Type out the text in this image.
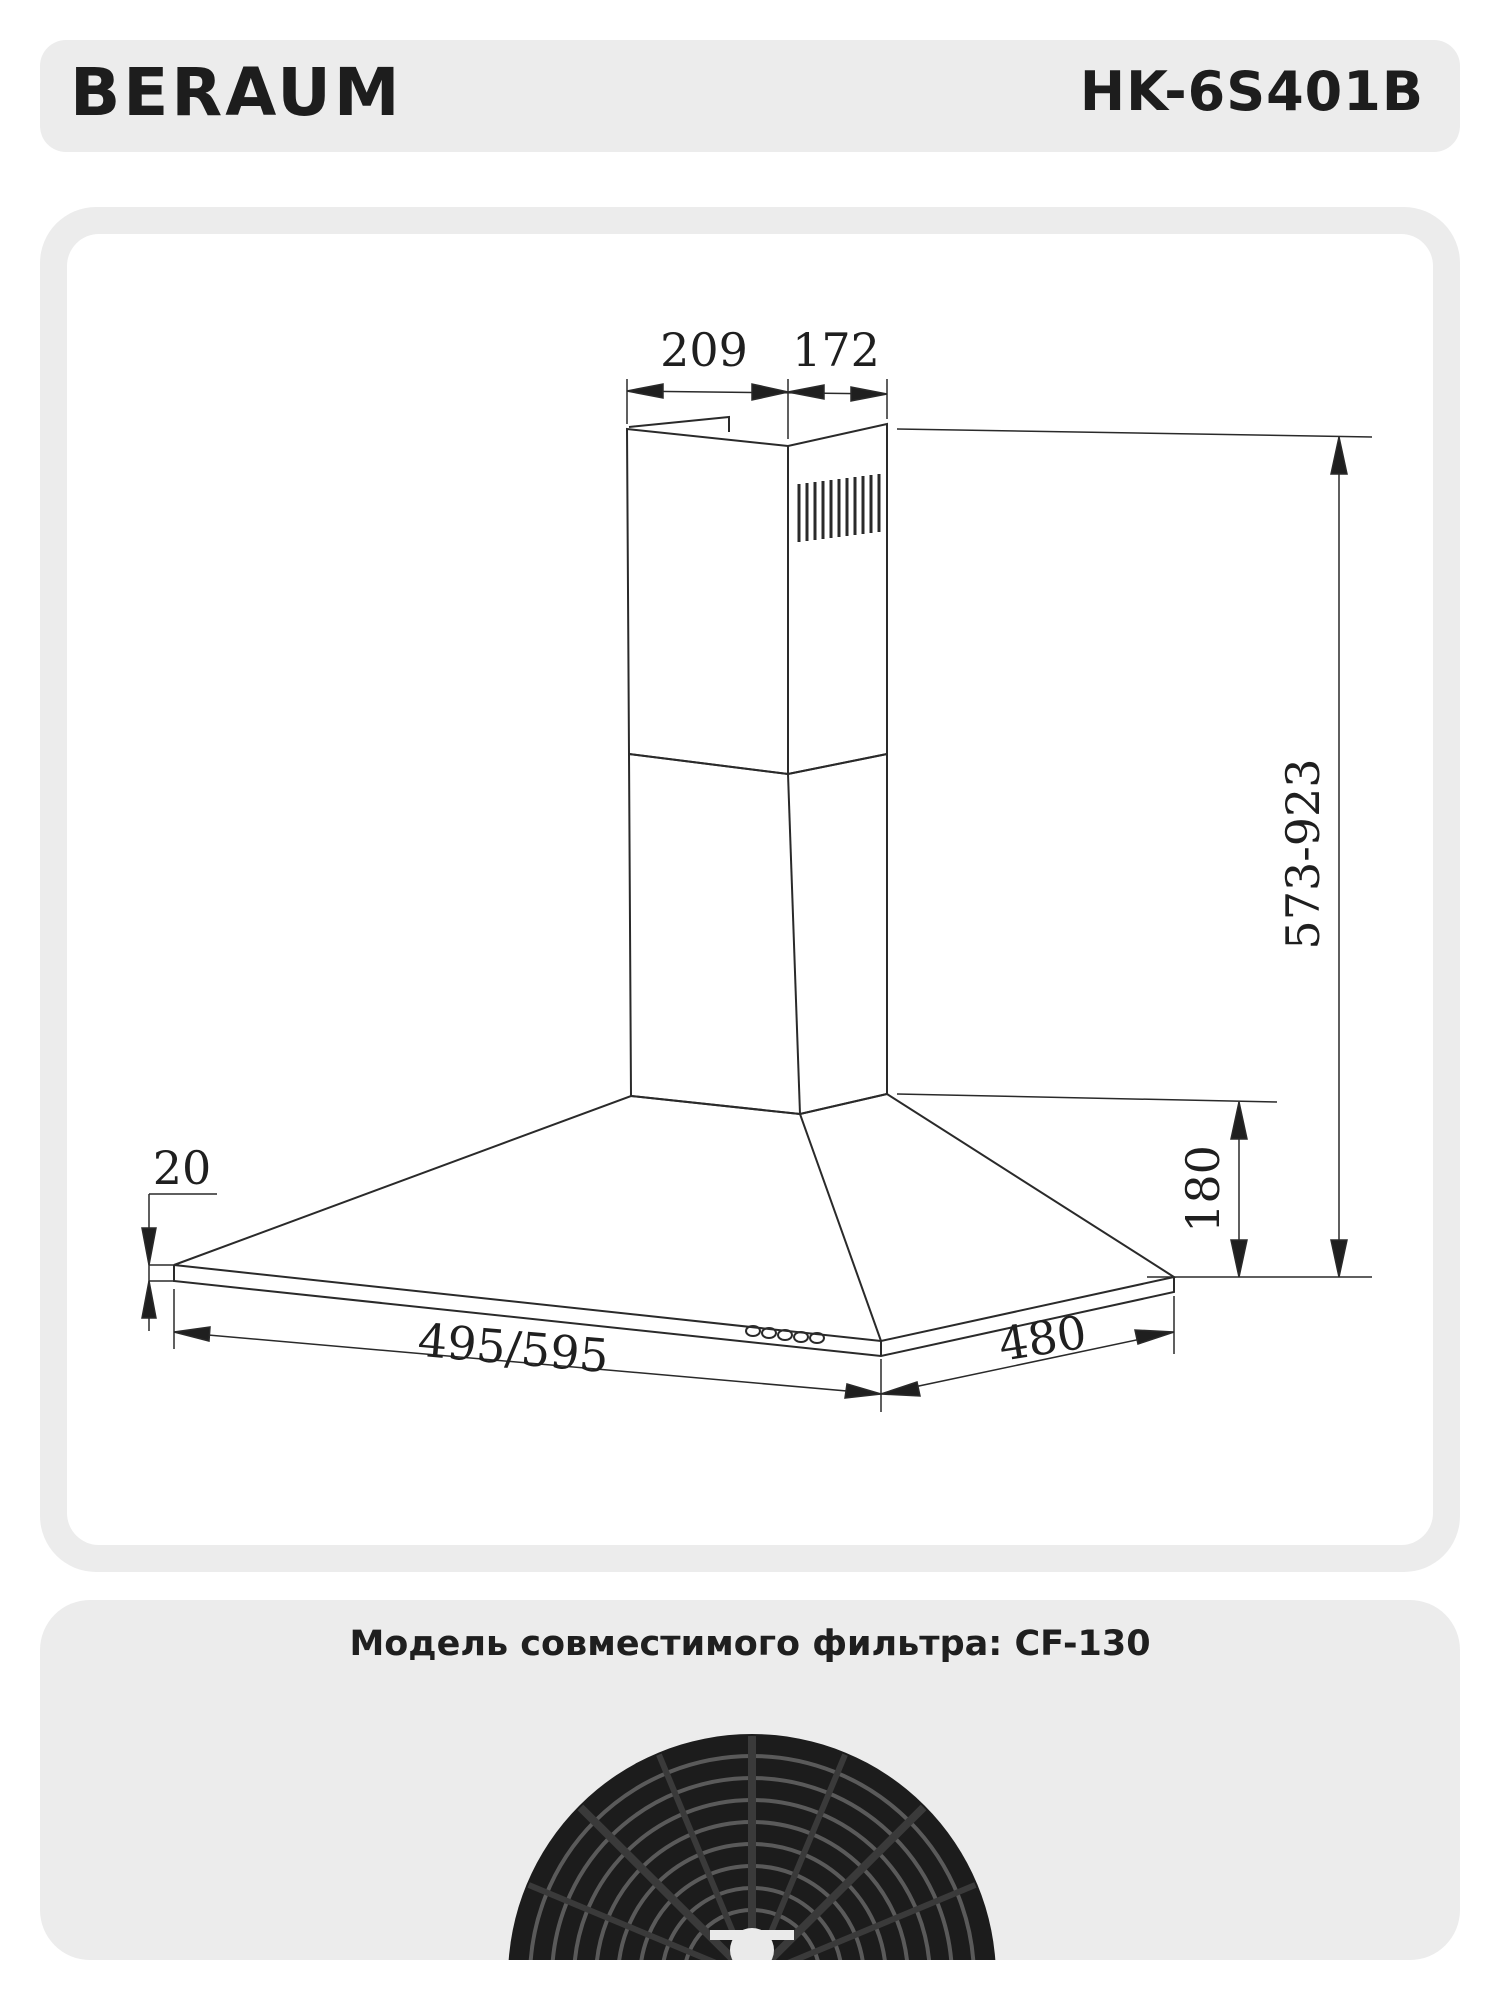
BERAUM	HK-6S401B
209 172
573-923
180
20
495/595	480
Модель совместимого фильтра: CF-130
